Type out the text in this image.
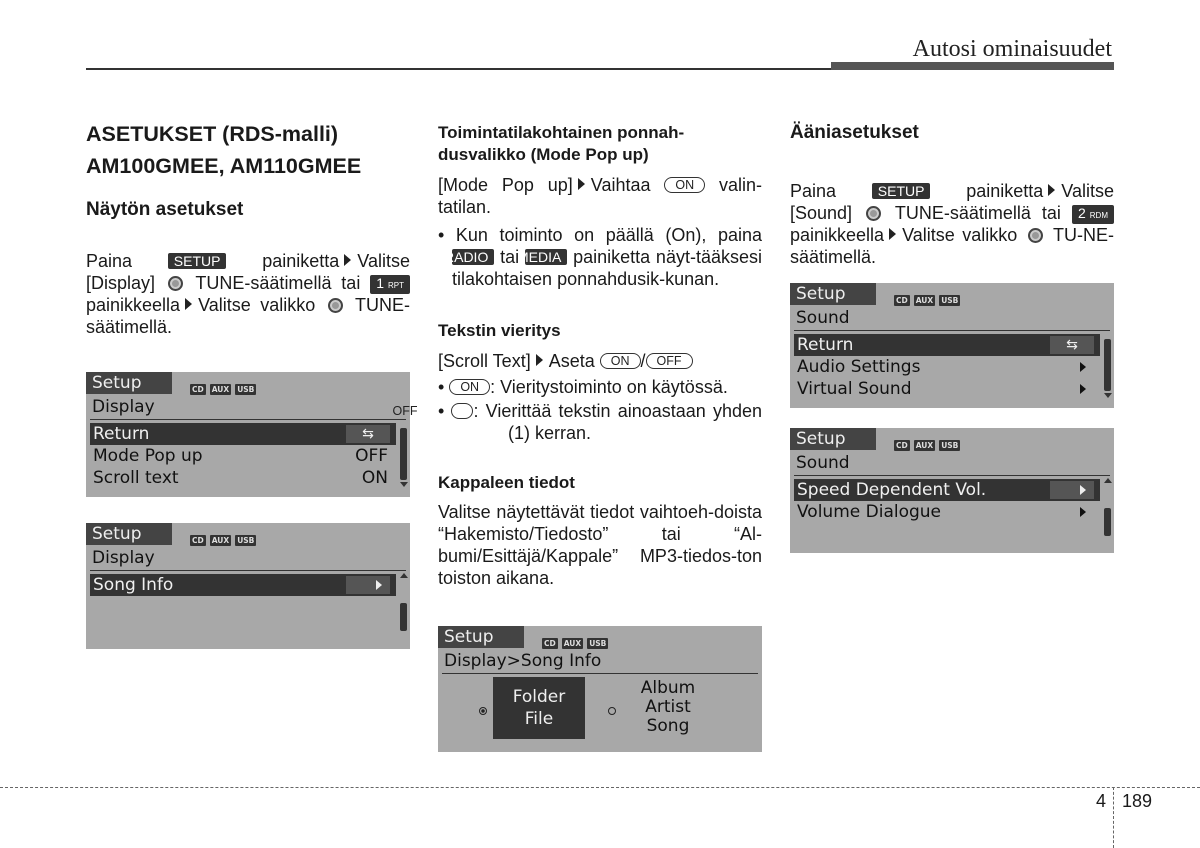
Autosi ominaisuudet

ASETUKSET (RDS-malli)

AM100GMEE, AM110GMEE

Näytön asetukset

Paina	SETUP painiketta Valitse [Display] TUNE-säätimellä tai 1 RPT painikkeella Valitse valikko TUNE-säätimellä.

Setup	CD AUX USB
Display
Return	⇆
Mode Pop up	OFF
Scroll text	ON
Setup	CD AUX USB
Display
Song Info

Toimintatilakohtainen ponnah-dusvalikko (Mode Pop up)

[Mode Pop up] Vaihtaa ON valin-tatilan.

• Kun toiminto on päällä (On), paina RADIO tai MEDIA painiketta näyt-tääksesi tilakohtaisen ponnahdusik-kunan.

Tekstin vieritys

[Scroll Text] Aseta ON / OFF

• ON : Vieritystoiminto on käytössä.

• OFF	: Vierittää tekstin ainoastaan yhden (1) kerran.

Kappaleen tiedot

Valitse näytettävät tiedot vaihtoeh-doista “Hakemisto/Tiedosto” tai “Al-bumi/Esittäjä/Kappale” MP3-tiedos-ton toiston aikana.

Setup	CD AUX USB
Display>Song Info
Folder
File
Album
Artist
Song

Ääniasetukset

Paina	SETUP painiketta Valitse [Sound] TUNE-säätimellä tai 2 RDM painikkeella Valitse valikko TU-NE-säätimellä.

Setup	CD AUX USB
Sound
Return	⇆
Audio Settings
Virtual Sound
Setup	CD AUX USB
Sound
Speed Dependent Vol.
Volume Dialogue
4 189
